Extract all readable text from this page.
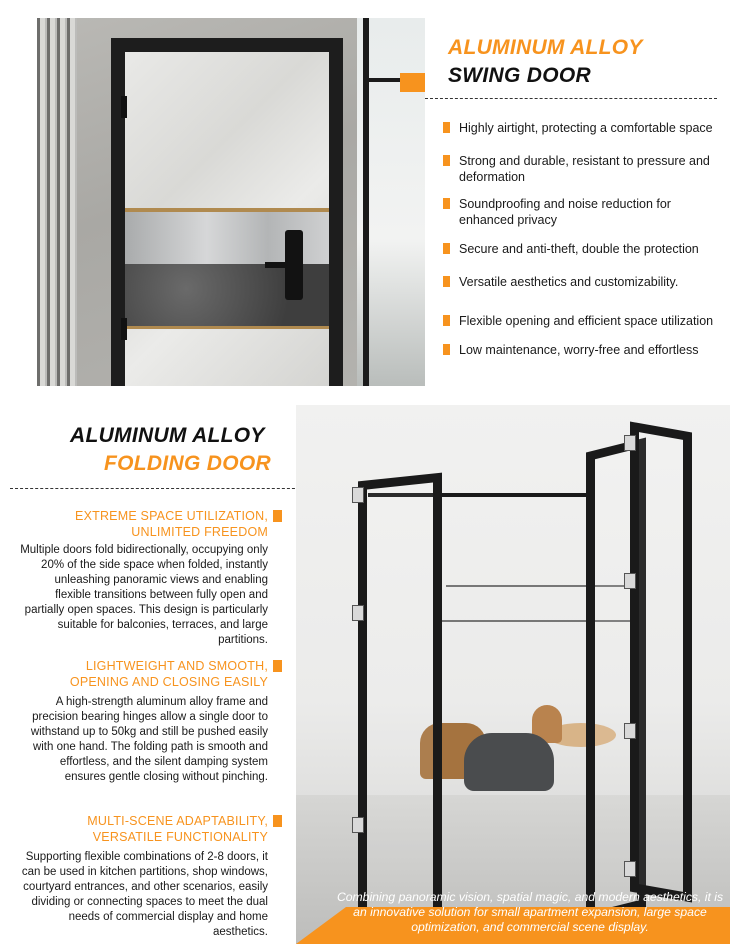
ALUMINUM ALLOY
SWING DOOR
Highly airtight, protecting a comfortable space
Strong and durable, resistant to pressure and deformation
Soundproofing and noise reduction for enhanced privacy
Secure and anti-theft, double the protection
Versatile aesthetics and customizability.
Flexible opening and efficient space utilization
Low maintenance, worry-free and effortless
ALUMINUM ALLOY
FOLDING DOOR
EXTREME SPACE UTILIZATION,
UNLIMITED FREEDOM
Multiple doors fold bidirectionally, occupying only 20% of the side space when folded, instantly unleashing panoramic views and enabling flexible transitions between fully open and partially open spaces. This design is particularly suitable for balconies, terraces, and large partitions.
LIGHTWEIGHT AND SMOOTH,
OPENING AND CLOSING EASILY
A high-strength aluminum alloy frame and precision bearing hinges allow a single door to withstand up to 50kg and still be pushed easily with one hand. The folding path is smooth and effortless, and the silent damping system ensures gentle closing without pinching.
MULTI-SCENE ADAPTABILITY,
VERSATILE FUNCTIONALITY
Supporting flexible combinations of 2-8 doors, it can be used in kitchen partitions, shop windows, courtyard entrances, and other scenarios, easily dividing or connecting spaces to meet the dual needs of commercial display and home aesthetics.
Combining panoramic vision, spatial magic, and modern aesthetics, it is an innovative solution for small apartment expansion, large space optimization, and commercial scene display.
